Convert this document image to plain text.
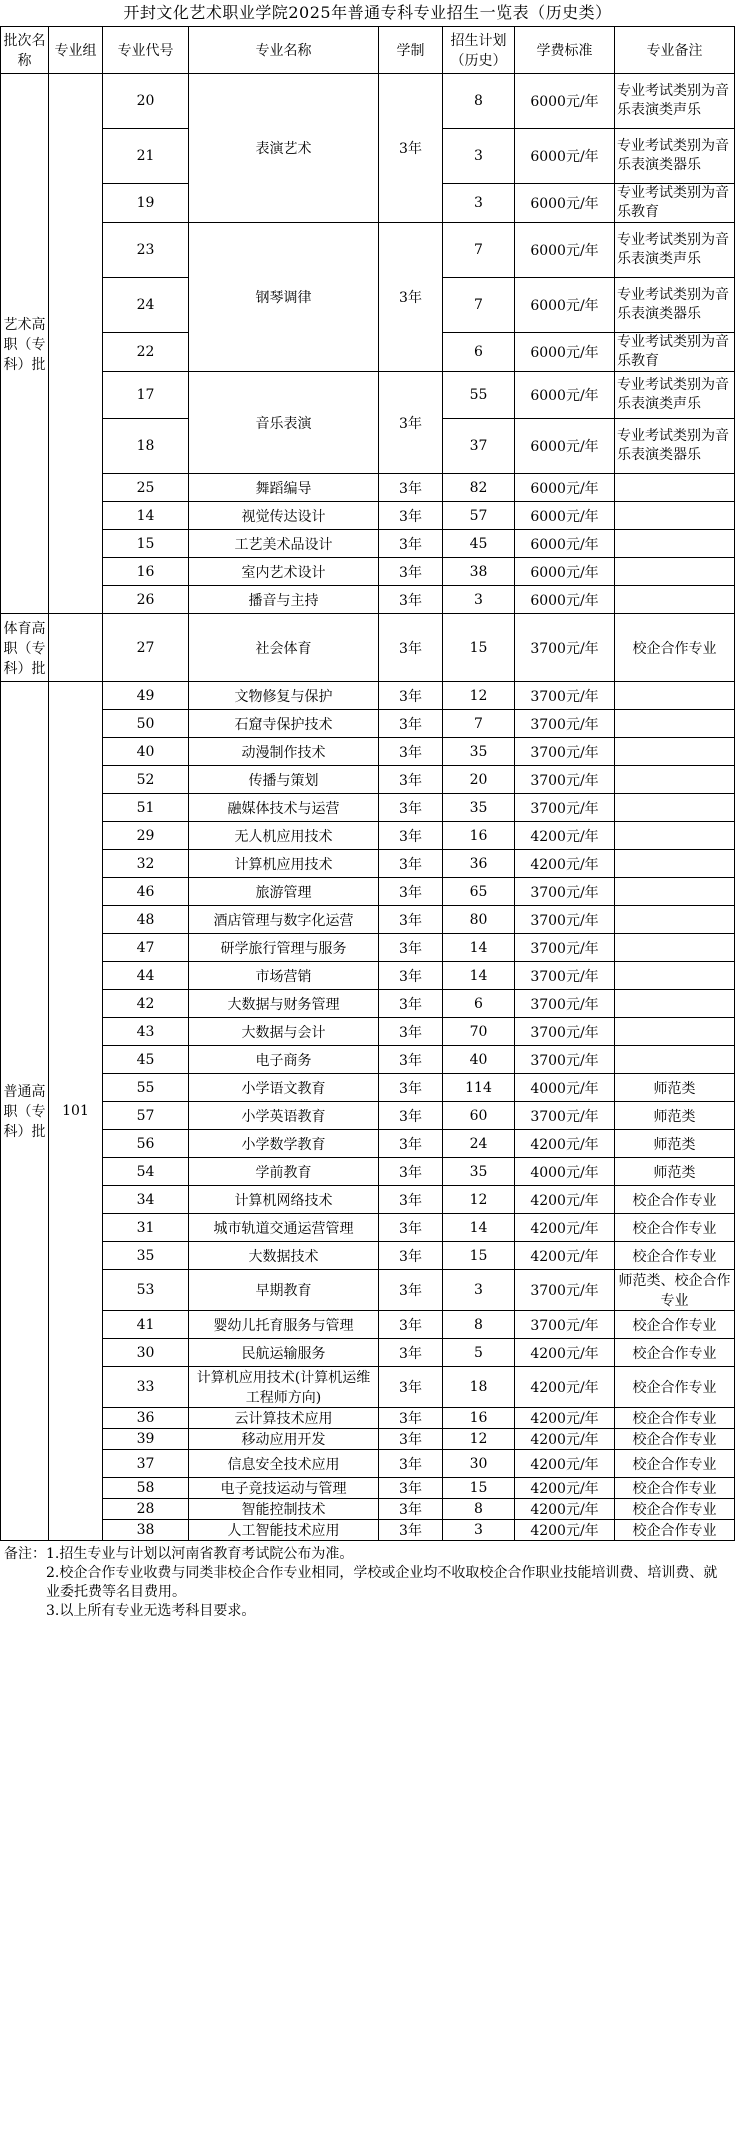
开封文化艺术职业学院2025年普通专科专业招生一览表（历史类）
批次名称	专业组	专业代号	专业名称	学制	招生计划（历史）	学费标准	专业备注
艺术高职（专科）批		20	表演艺术	3年	8	6000元/年	专业考试类别为音乐表演类声乐
		21			3	6000元/年	专业考试类别为音乐表演类器乐
		19			3	6000元/年	专业考试类别为音乐教育
		23	钢琴调律	3年	7	6000元/年	专业考试类别为音乐表演类声乐
		24			7	6000元/年	专业考试类别为音乐表演类器乐
		22			6	6000元/年	专业考试类别为音乐教育
		17	音乐表演	3年	55	6000元/年	专业考试类别为音乐表演类声乐
		18			37	6000元/年	专业考试类别为音乐表演类器乐
		25	舞蹈编导	3年	82	6000元/年	
		14	视觉传达设计	3年	57	6000元/年	
		15	工艺美术品设计	3年	45	6000元/年	
		16	室内艺术设计	3年	38	6000元/年	
		26	播音与主持	3年	3	6000元/年	
体育高职（专科）批		27	社会体育	3年	15	3700元/年	校企合作专业
普通高职（专科）批	101	49	文物修复与保护	3年	12	3700元/年	
		50	石窟寺保护技术	3年	7	3700元/年	
		40	动漫制作技术	3年	35	3700元/年	
		52	传播与策划	3年	20	3700元/年	
		51	融媒体技术与运营	3年	35	3700元/年	
		29	无人机应用技术	3年	16	4200元/年	
		32	计算机应用技术	3年	36	4200元/年	
		46	旅游管理	3年	65	3700元/年	
		48	酒店管理与数字化运营	3年	80	3700元/年	
		47	研学旅行管理与服务	3年	14	3700元/年	
		44	市场营销	3年	14	3700元/年	
		42	大数据与财务管理	3年	6	3700元/年	
		43	大数据与会计	3年	70	3700元/年	
		45	电子商务	3年	40	3700元/年	
		55	小学语文教育	3年	114	4000元/年	师范类
		57	小学英语教育	3年	60	3700元/年	师范类
		56	小学数学教育	3年	24	4200元/年	师范类
		54	学前教育	3年	35	4000元/年	师范类
		34	计算机网络技术	3年	12	4200元/年	校企合作专业
		31	城市轨道交通运营管理	3年	14	4200元/年	校企合作专业
		35	大数据技术	3年	15	4200元/年	校企合作专业
		53	早期教育	3年	3	3700元/年	师范类、校企合作专业
		41	婴幼儿托育服务与管理	3年	8	3700元/年	校企合作专业
		30	民航运输服务	3年	5	4200元/年	校企合作专业
		33	计算机应用技术(计算机运维工程师方向)	3年	18	4200元/年	校企合作专业
		36	云计算技术应用	3年	16	4200元/年	校企合作专业
		39	移动应用开发	3年	12	4200元/年	校企合作专业
		37	信息安全技术应用	3年	30	4200元/年	校企合作专业
		58	电子竞技运动与管理	3年	15	4200元/年	校企合作专业
		28	智能控制技术	3年	8	4200元/年	校企合作专业
		38	人工智能技术应用	3年	3	4200元/年	校企合作专业
备注：1.招生专业与计划以河南省教育考试院公布为准。
2.校企合作专业收费与同类非校企合作专业相同，学校或企业均不收取校企合作职业技能培训费、培训费、就业委托费等名目费用。
3.以上所有专业无选考科目要求。
